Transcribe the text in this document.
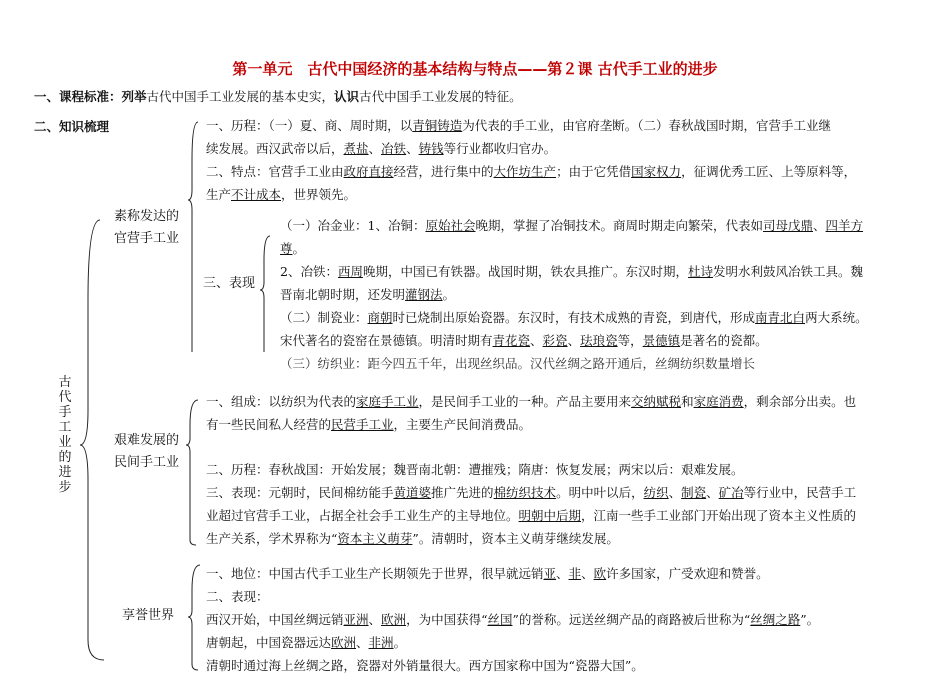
第一单元　古代中国经济的基本结构与特点——第２课 古代手工业的进步
一、课程标准：列举古代中国手工业发展的基本史实，认识古代中国手工业发展的特征。
二、知识梳理
古代手工业的进步
素称发达的
官营手工业
一、历程：（一）夏、商、周时期，以青铜铸造为代表的手工业，由官府垄断。（二）春秋战国时期，官营手工业继
续发展。西汉武帝以后，煮盐、冶铁、铸钱等行业都收归官办。
二、特点：官营手工业由政府直接经营，进行集中的大作坊生产；由于它凭借国家权力，征调优秀工匠、上等原料等，
生产不计成本，世界领先。
三、表现
（一）冶金业：1、冶铜：原始社会晚期，掌握了冶铜技术。商周时期走向繁荣，代表如司母戊鼎、四羊方
尊。
2、冶铁：西周晚期，中国已有铁器。战国时期，铁农具推广。东汉时期，杜诗发明水利鼓风冶铁工具。魏
晋南北朝时期，还发明灌钢法。
（二）制瓷业：商朝时已烧制出原始瓷器。东汉时，有技术成熟的青瓷，到唐代，形成南青北白两大系统。
宋代著名的瓷窑在景德镇。明清时期有青花瓷、彩瓷、珐琅瓷等，景德镇是著名的瓷都。
（三）纺织业：距今四五千年，出现丝织品。汉代丝绸之路开通后，丝绸纺织数量增长
艰难发展的
民间手工业
一、组成：以纺织为代表的家庭手工业，是民间手工业的一种。产品主要用来交纳赋税和家庭消费，剩余部分出卖。也
有一些民间私人经营的民营手工业，主要生产民间消费品。
二、历程：春秋战国：开始发展；魏晋南北朝：遭摧残；隋唐：恢复发展；两宋以后：艰难发展。
三、表现：元朝时，民间棉纺能手黄道婆推广先进的棉纺织技术。明中叶以后，纺织、制瓷、矿冶等行业中，民营手工
业超过官营手工业，占据全社会手工业生产的主导地位。明朝中后期，江南一些手工业部门开始出现了资本主义性质的
生产关系，学术界称为“资本主义萌芽”。清朝时，资本主义萌芽继续发展。
享誉世界
一、地位：中国古代手工业生产长期领先于世界，很早就远销亚、非、欧许多国家，广受欢迎和赞誉。
二、表现：
西汉开始，中国丝绸远销亚洲、欧洲，为中国获得“丝国”的誉称。远送丝绸产品的商路被后世称为“丝绸之路”。
唐朝起，中国瓷器远达欧洲、非洲。
清朝时通过海上丝绸之路，瓷器对外销量很大。西方国家称中国为“瓷器大国”。
